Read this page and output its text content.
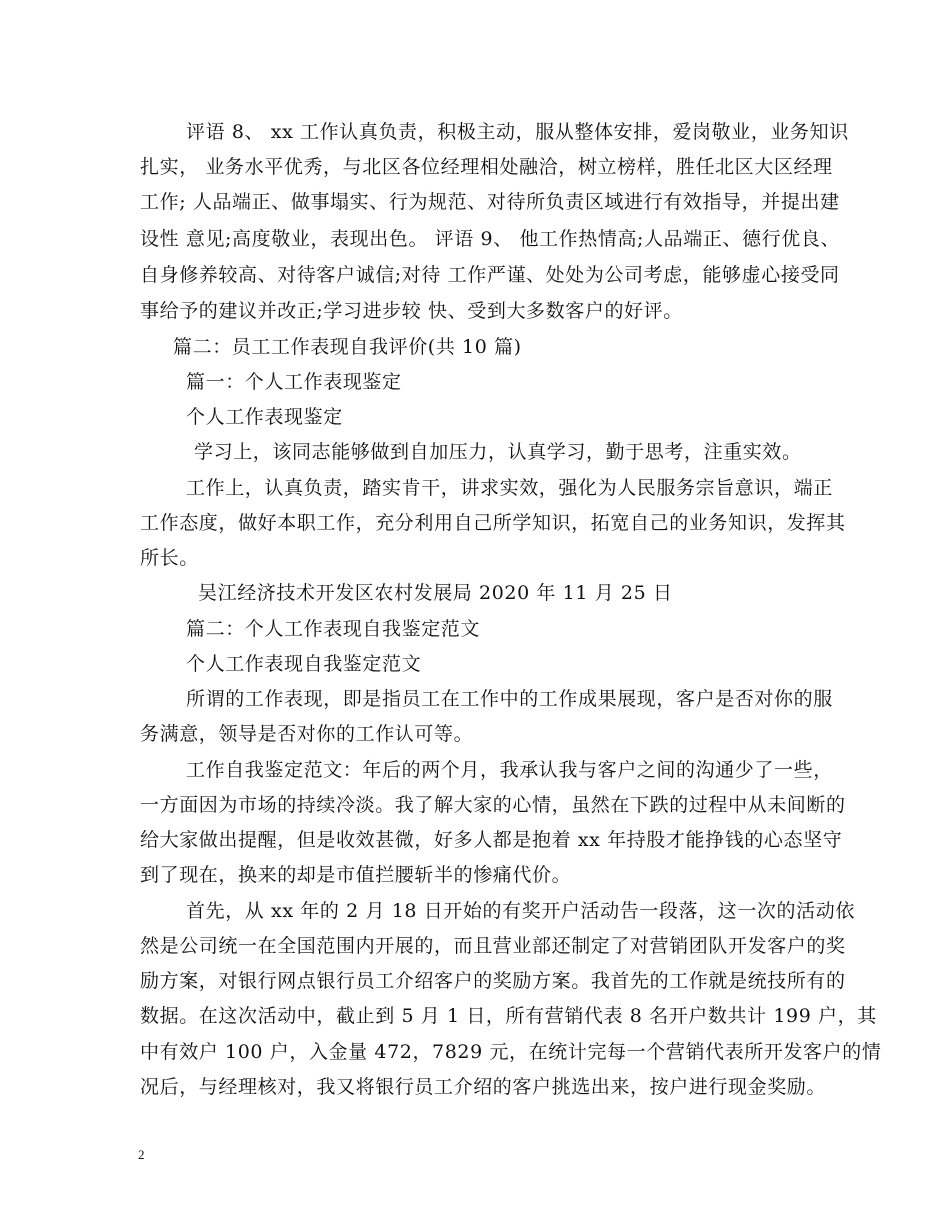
评语 8、 xx 工作认真负责，积极主动，服从整体安排，爱岗敬业，业务知识
扎实， 业务水平优秀，与北区各位经理相处融洽，树立榜样，胜任北区大区经理
工作; 人品端正、做事塌实、行为规范、对待所负责区域进行有效指导，并提出建
设性 意见;高度敬业，表现出色。 评语 9、 他工作热情高;人品端正、德行优良、
自身修养较高、对待客户诚信;对待 工作严谨、处处为公司考虑，能够虚心接受同
事给予的建议并改正;学习进步较 快、受到大多数客户的好评。
篇二：员工工作表现自我评价(共 10 篇)
篇一：个人工作表现鉴定
个人工作表现鉴定
学习上，该同志能够做到自加压力，认真学习，勤于思考，注重实效。
工作上，认真负责，踏实肯干，讲求实效，强化为人民服务宗旨意识，端正
工作态度，做好本职工作，充分利用自己所学知识，拓宽自己的业务知识，发挥其
所长。
吴江经济技术开发区农村发展局 2020 年 11 月 25 日
篇二：个人工作表现自我鉴定范文
个人工作表现自我鉴定范文
所谓的工作表现，即是指员工在工作中的工作成果展现，客户是否对你的服
务满意，领导是否对你的工作认可等。
工作自我鉴定范文：年后的两个月，我承认我与客户之间的沟通少了一些，
一方面因为市场的持续冷淡。我了解大家的心情，虽然在下跌的过程中从未间断的
给大家做出提醒，但是收效甚微，好多人都是抱着 xx 年持股才能挣钱的心态坚守
到了现在，换来的却是市值拦腰斩半的惨痛代价。
首先，从 xx 年的 2 月 18 日开始的有奖开户活动告一段落，这一次的活动依
然是公司统一在全国范围内开展的，而且营业部还制定了对营销团队开发客户的奖
励方案，对银行网点银行员工介绍客户的奖励方案。我首先的工作就是统技所有的
数据。在这次活动中，截止到 5 月 1 日，所有营销代表 8 名开户数共计 199 户，其
中有效户 100 户，入金量 472，7829 元，在统计完每一个营销代表所开发客户的情
况后，与经理核对，我又将银行员工介绍的客户挑选出来，按户进行现金奖励。
2
